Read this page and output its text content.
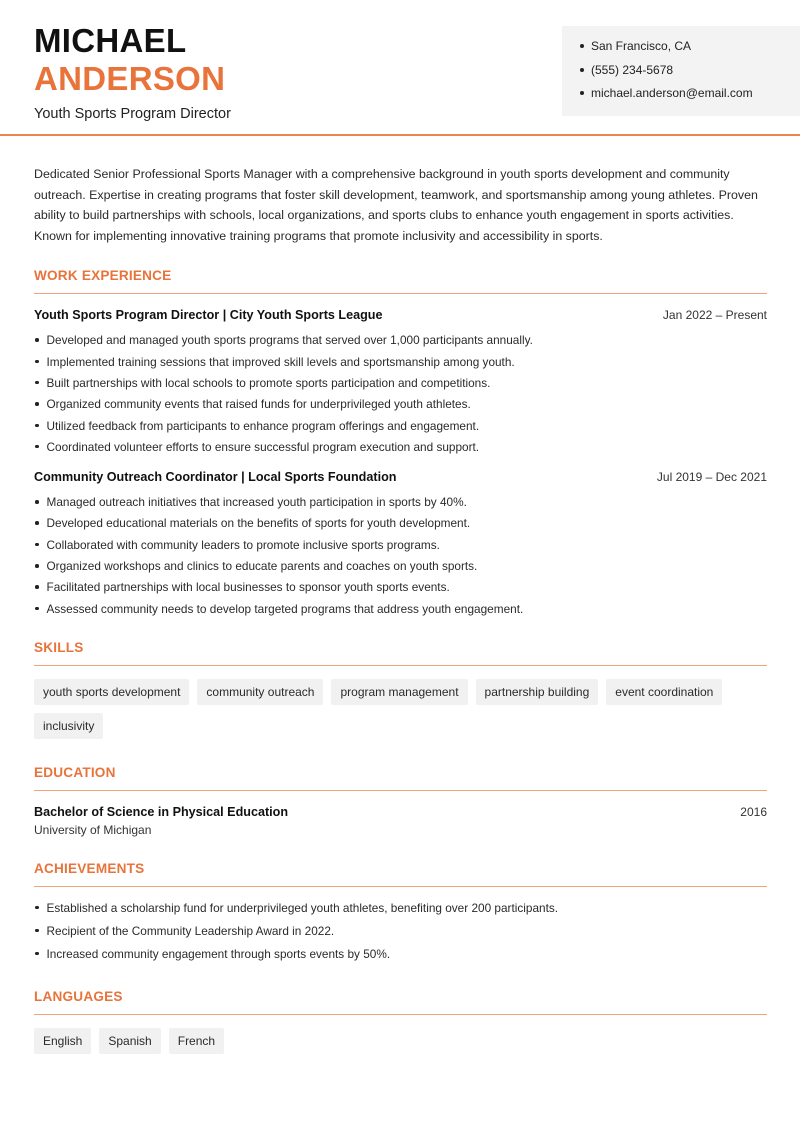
MICHAEL
ANDERSON
Youth Sports Program Director
San Francisco, CA
(555) 234-5678
michael.anderson@email.com

Dedicated Senior Professional Sports Manager with a comprehensive background in youth sports development and community outreach. Expertise in creating programs that foster skill development, teamwork, and sportsmanship among young athletes. Proven ability to build partnerships with schools, local organizations, and sports clubs to enhance youth engagement in sports activities. Known for implementing innovative training programs that promote inclusivity and accessibility in sports.

WORK EXPERIENCE
Youth Sports Program Director | City Youth Sports League	Jan 2022 – Present
Developed and managed youth sports programs that served over 1,000 participants annually.
Implemented training sessions that improved skill levels and sportsmanship among youth.
Built partnerships with local schools to promote sports participation and competitions.
Organized community events that raised funds for underprivileged youth athletes.
Utilized feedback from participants to enhance program offerings and engagement.
Coordinated volunteer efforts to ensure successful program execution and support.
Community Outreach Coordinator | Local Sports Foundation	Jul 2019 – Dec 2021
Managed outreach initiatives that increased youth participation in sports by 40%.
Developed educational materials on the benefits of sports for youth development.
Collaborated with community leaders to promote inclusive sports programs.
Organized workshops and clinics to educate parents and coaches on youth sports.
Facilitated partnerships with local businesses to sponsor youth sports events.
Assessed community needs to develop targeted programs that address youth engagement.
SKILLS
youth sports development	community outreach	program management	partnership building	event coordination
inclusivity
EDUCATION
Bachelor of Science in Physical Education	2016
University of Michigan
ACHIEVEMENTS
Established a scholarship fund for underprivileged youth athletes, benefiting over 200 participants.
Recipient of the Community Leadership Award in 2022.
Increased community engagement through sports events by 50%.
LANGUAGES
English	Spanish	French
